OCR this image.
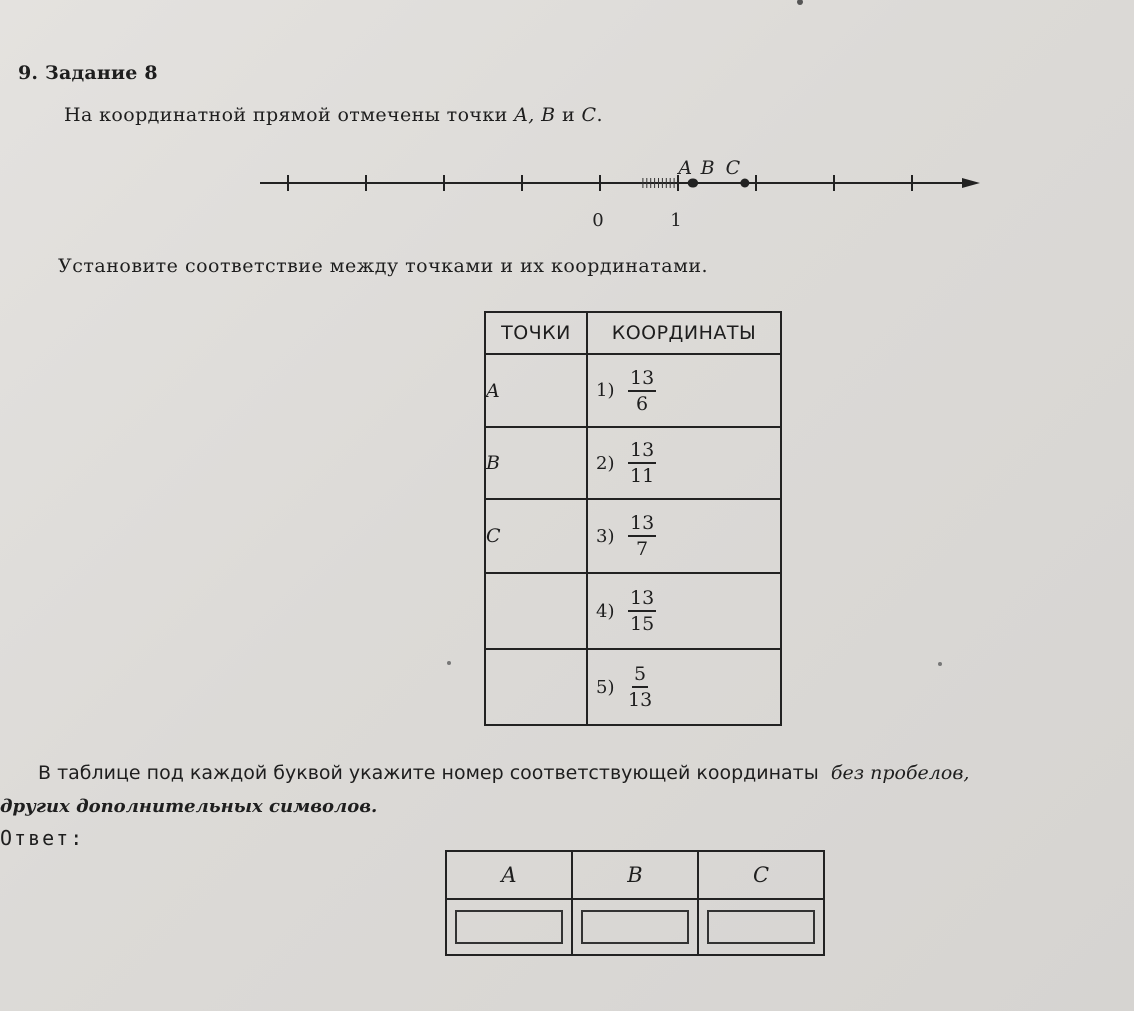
9. Задание 8
На координатной прямой отмечены точки A, B и C.
A B C
0	1
Установите соответствие между точками и их координатами.
ТОЧКИ	КООРДИНАТЫ
A	$1) \frac{13}{6}$

B	$2) \frac{13}{11}$

C	$3) \frac{13}{7}$

	$4) \frac{13}{15}$

	$5) \frac{5}{13}$
В таблице под каждой буквой укажите номер соответствующей координаты без пробелов,
других дополнительных символов.
Ответ:
A	B	C
